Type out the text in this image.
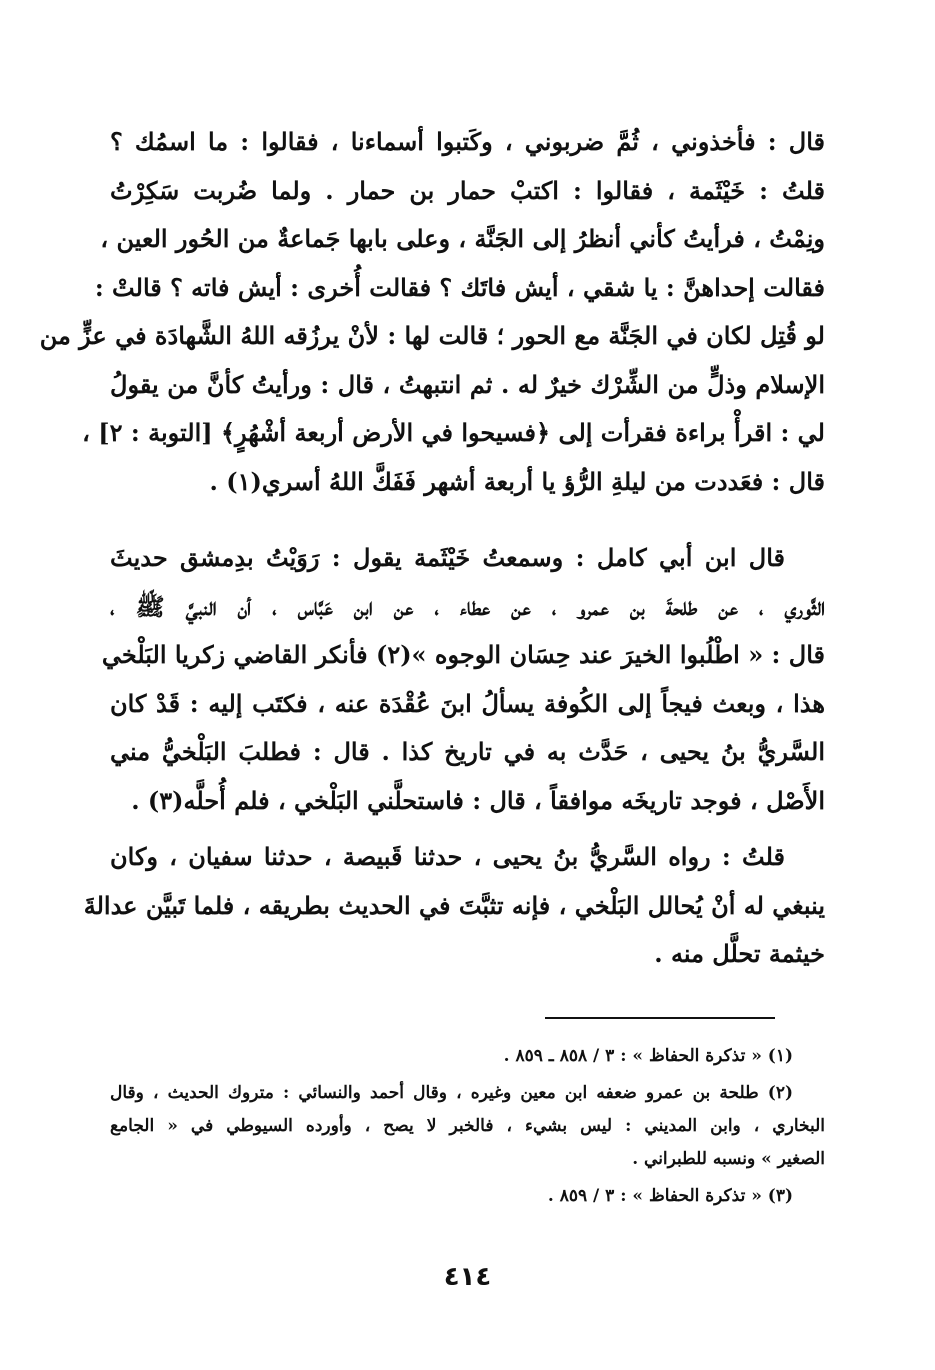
قال : فأخذوني ، ثُمَّ ضربوني ، وكَتبوا أسماءنا ، فقالوا : ما اسمُك ؟
قلتُ : خَيْثَمة ، فقالوا : اكتبْ حمار بن حمار . ولما ضُربت سَكِرْتُ
ونِمْتُ ، فرأيتُ كأني أنظرُ إلى الجَنَّة ، وعلى بابها جَماعةٌ من الحُور العين ،
فقالت إحداهنَّ : يا شقي ، أيش فاتَك ؟ فقالت أُخرى : أيش فاته ؟ قالتْ :
لو قُتِل لكان في الجَنَّة مع الحور ؛ قالت لها : لأنْ يرزُقه اللهُ الشَّهادَة في عزٍّ من
الإسلام وذلٍّ من الشِّرْك خيرٌ له . ثم انتبهتُ ، قال : ورأيتُ كأنَّ من يقولُ
لي : اقرأْ براءة فقرأت إلى ﴿فسيحوا في الأرض أربعة أشْهُرٍ﴾ [التوبة : ٢] ،
قال : فعَددت من ليلةِ الرُّؤ يا أربعة أشهر فَفَكَّ اللهُ أسري(١) .

قال ابن أبي كامل : وسمعتُ خَيْثَمة يقول : رَوَيْتُ بدِمشق حديثَ
الثَّوري ، عن طلحةَ بن عمرو ، عن عطاء ، عن ابن عَبَّاس ، أن النبيَّ ﷺ ،
قال : « اطْلُبوا الخيرَ عند حِسَان الوجوه »(٢) فأنكر القاضي زكريا البَلْخي
هذا ، وبعث فيجاً إلى الكُوفة يسألُ ابنَ عُقْدَة عنه ، فكتَب إليه : قَدْ كان
السَّريُّ بنُ يحيى ، حَدَّث به في تاريخ كذا . قال : فطلبَ البَلْخيُّ مني
الأَصْل ، فوجد تاريخَه موافقاً ، قال : فاستحلَّني البَلْخي ، فلم أُحلَّه(٣) .

قلتُ : رواه السَّريُّ بنُ يحيى ، حدثنا قَبيصة ، حدثنا سفيان ، وكان
ينبغي له أنْ يُحالل البَلْخي ، فإنه تثبَّتَ في الحديث بطريقه ، فلما تَبيَّن عدالةَ
خيثمة تحلَّل منه .

(١) « تذكرة الحفاظ » : ٣ / ٨٥٨ ـ ٨٥٩ .

(٢) طلحة بن عمرو ضعفه ابن معين وغيره ، وقال أحمد والنسائي : متروك الحديث ، وقال
البخاري ، وابن المديني : ليس بشيء ، فالخبر لا يصح ، وأورده السيوطي في « الجامع
الصغير » ونسبه للطبراني .

(٣) « تذكرة الحفاظ » : ٣ / ٨٥٩ .

٤١٤
